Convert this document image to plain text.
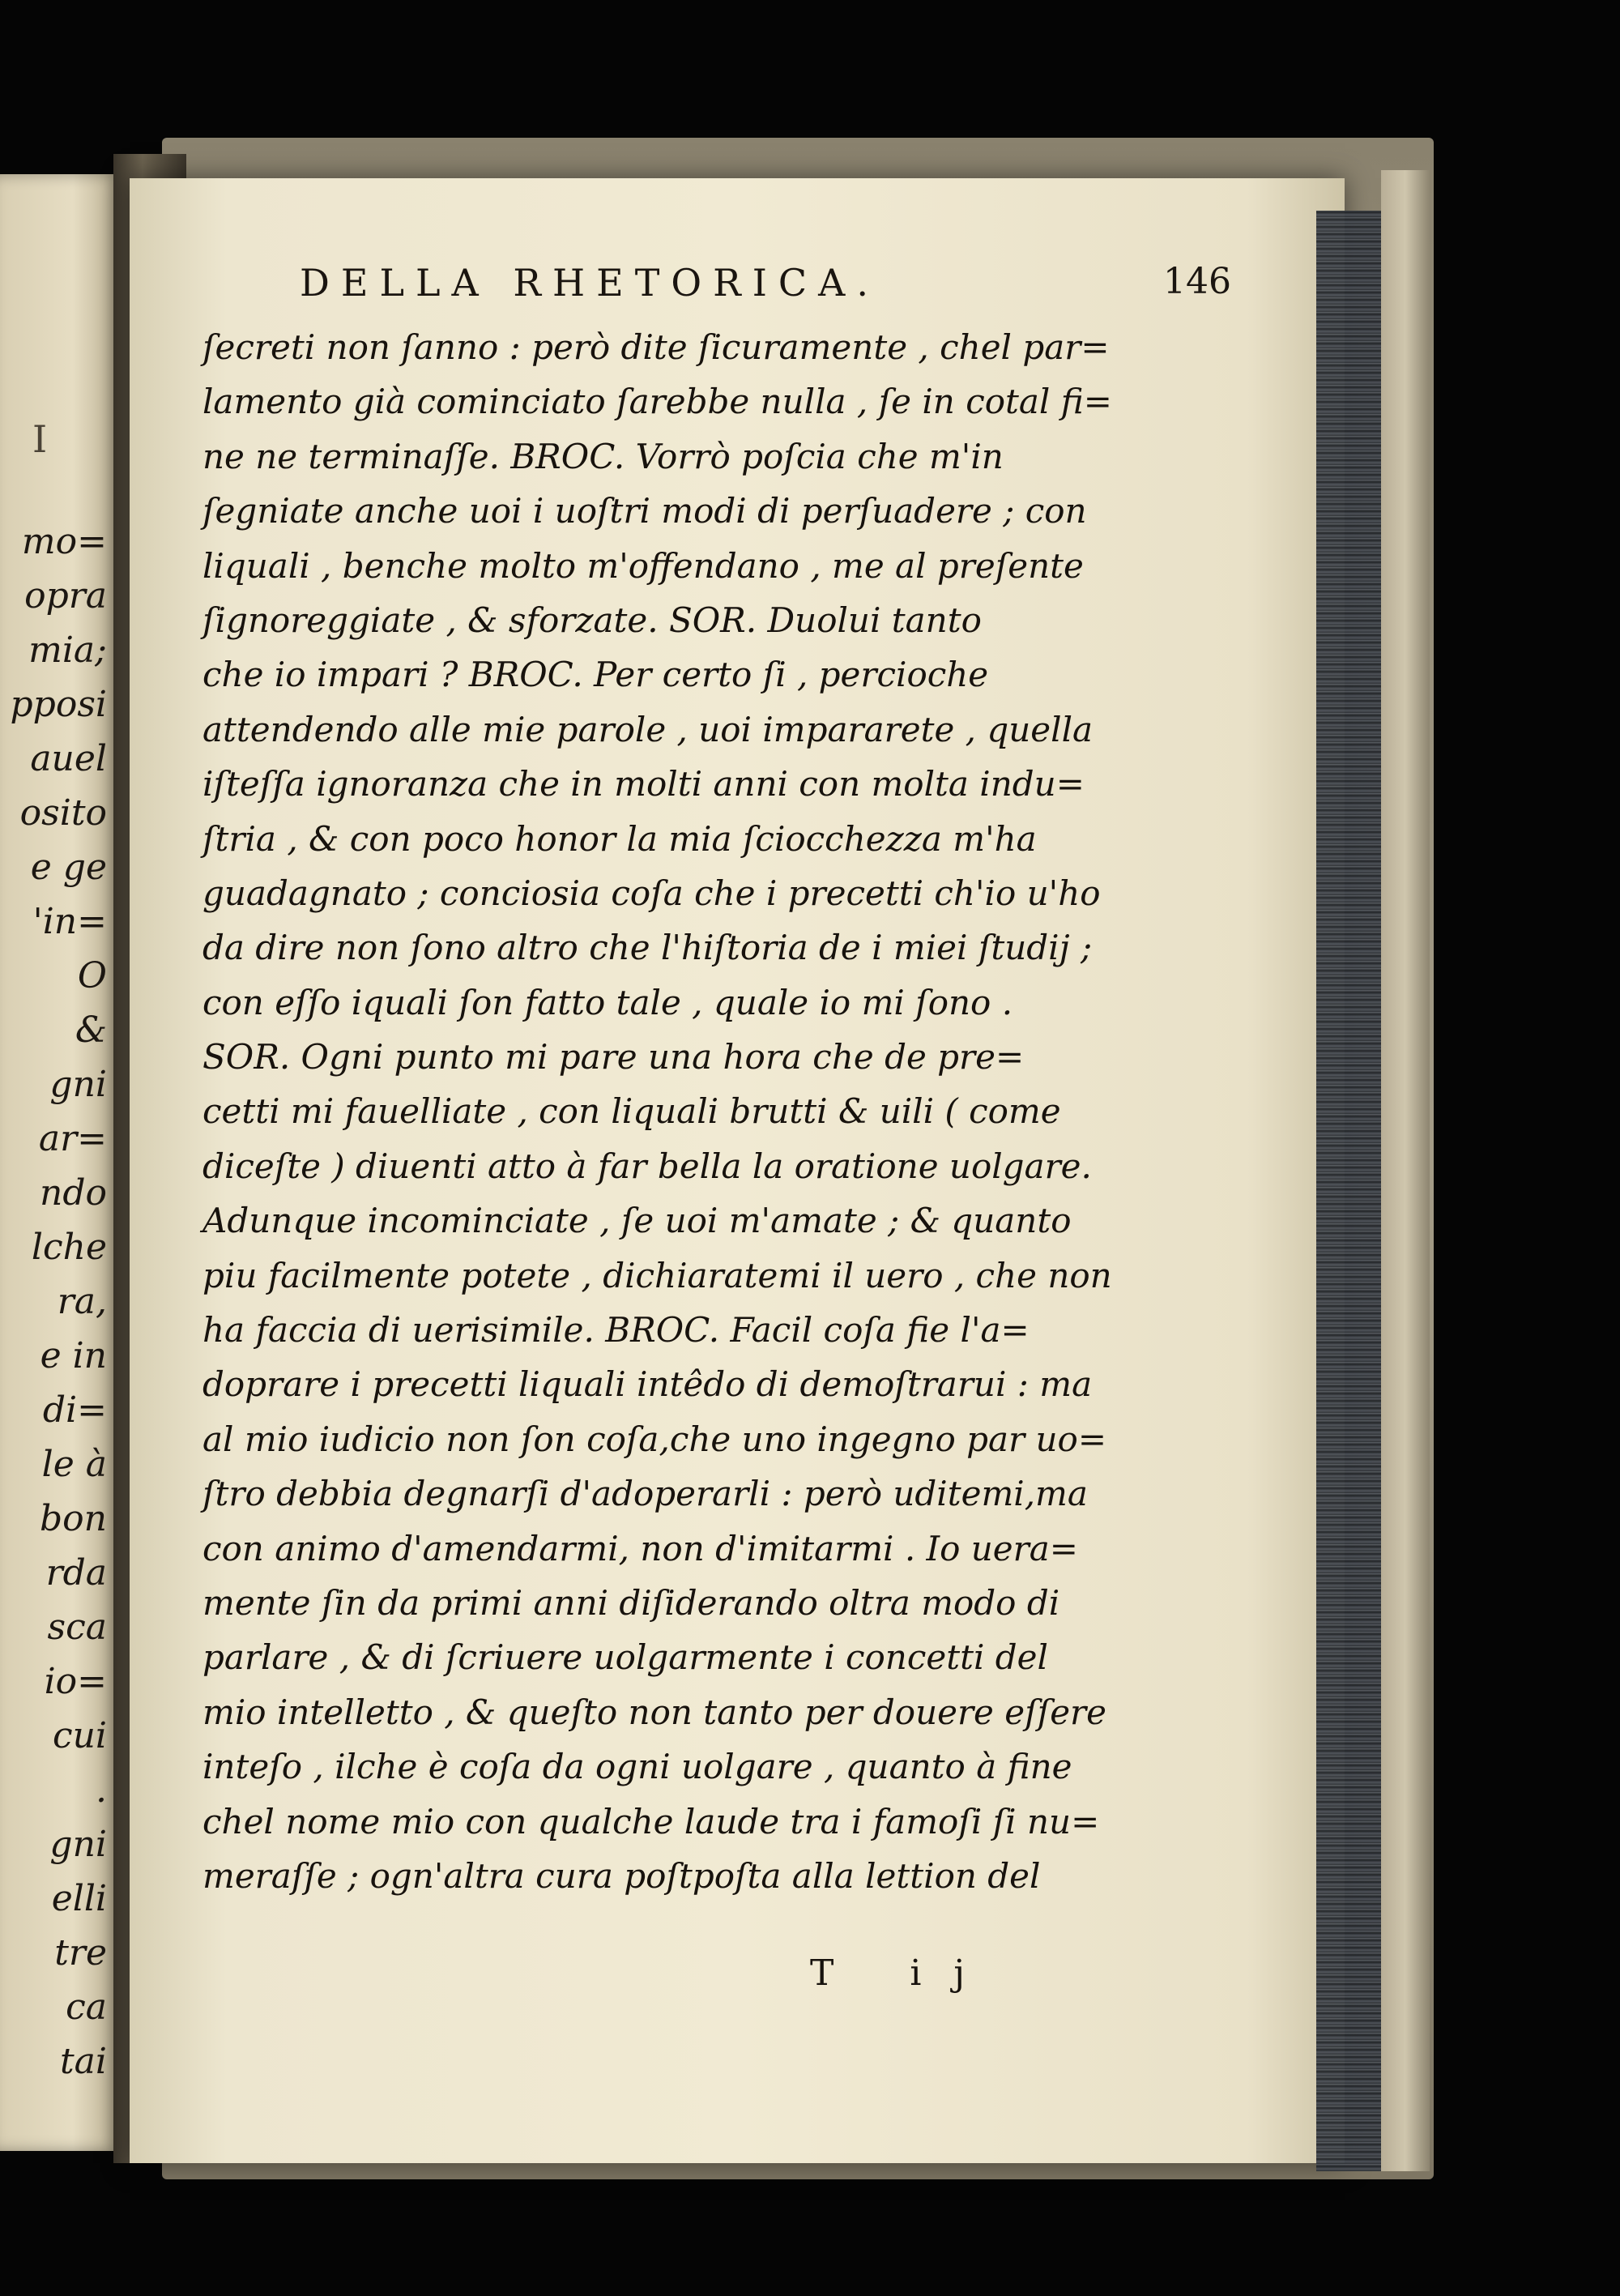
I
mo=
opra
mia;
pposi
auel
osito
e ge
'in=
O
&
gni
ar=
ndo
lche
ra,
e in
di=
le à
bon
rda
sca
io=
cui
.
gni
elli
tre
ca
tai
DELLA RHETORICA.	146
ſecreti non ſanno : però dite ſicuramente , chel par=
lamento già cominciato ſarebbe nulla , ſe in cotal fi=
ne ne terminaſſe. BROC. Vorrò poſcia che m'in
ſegniate anche uoi i uoſtri modi di perſuadere ; con
liquali , benche molto m'offendano , me al preſente
ſignoreggiate , & sforzate. SOR. Duolui tanto
che io impari ? BROC. Per certo ſi , percioche
attendendo alle mie parole , uoi impararete , quella
iſteſſa ignoranza che in molti anni con molta indu=
ſtria , & con poco honor la mia ſciocchezza m'ha
guadagnato ; conciosia coſa che i precetti ch'io u'ho
da dire non ſono altro che l'hiſtoria de i miei ſtudij ;
con eſſo iquali ſon fatto tale , quale io mi ſono .
SOR. Ogni punto mi pare una hora che de pre=
cetti mi fauelliate , con liquali brutti & uili ( come
diceſte ) diuenti atto à far bella la oratione uolgare.
Adunque incominciate , ſe uoi m'amate ; & quanto
piu facilmente potete , dichiaratemi il uero , che non
ha faccia di uerisimile. BROC. Facil coſa fie l'a=
doprare i precetti liquali intêdo di demoſtrarui : ma
al mio iudicio non ſon coſa,che uno ingegno par uo=
ſtro debbia degnarſi d'adoperarli : però uditemi,ma
con animo d'amendarmi, non d'imitarmi . Io uera=
mente ſin da primi anni diſiderando oltra modo di
parlare , & di ſcriuere uolgarmente i concetti del
mio intelletto , & queſto non tanto per douere eſſere
inteſo , ilche è coſa da ogni uolgare , quanto à fine
chel nome mio con qualche laude tra i famoſi ſi nu=
meraſſe ; ogn'altra cura poſtpoſta alla lettion del
T ij
